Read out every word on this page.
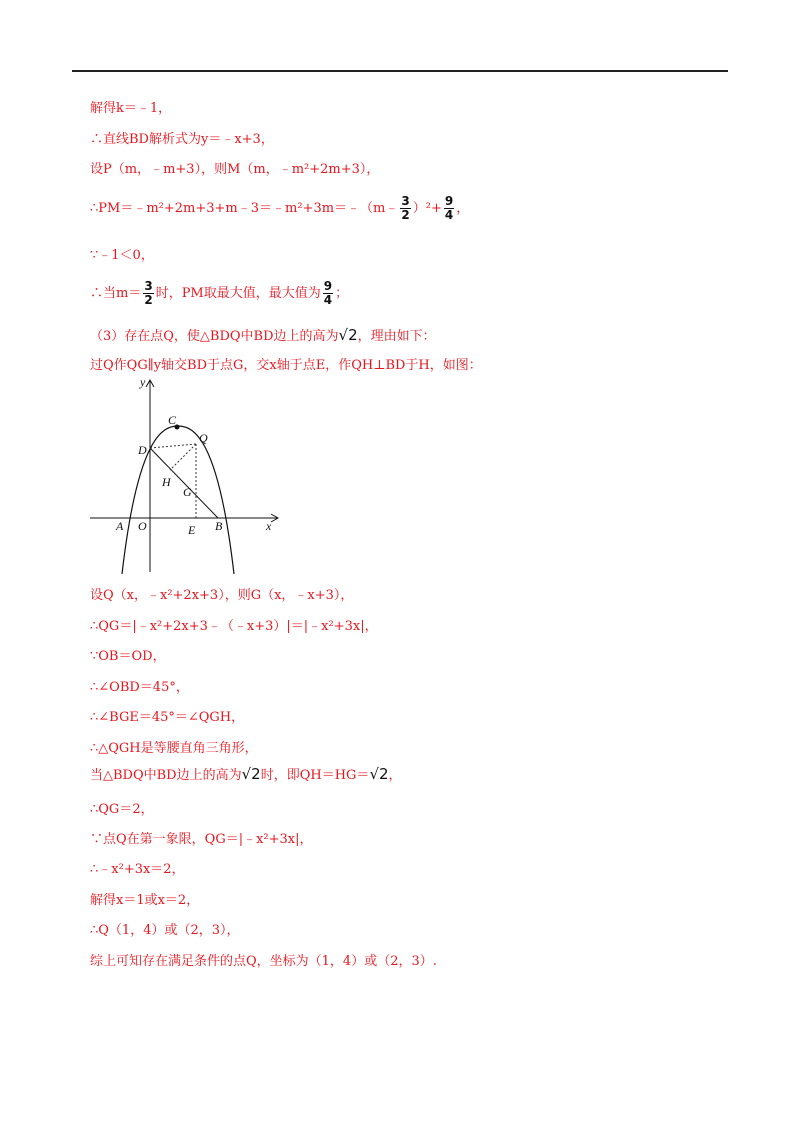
解得k＝﹣1，
∴直线BD解析式为y＝﹣x+3，
设P（m，﹣m+3），则M（m，﹣m²+2m+3），
∴PM＝﹣m²+2m+3+m﹣3＝﹣m²+3m＝﹣（m﹣ $\frac{3}{2} )^2+ \frac{9}{4}$ ，
∵﹣1＜0，
∴当$m= \frac{3}{2}$ 时，PM取最大值，最大值为 $\frac{9}{4}$ ；
（3）存在点Q，使△BDQ中BD边上的高为√2，理由如下：
过Q作QG∥y轴交BD于点G，交x轴于点E，作QH⊥BD于H，如图：
y
x
C
Q
D
H
G
A O	E B
设Q（x，﹣x²+2x+3），则G（x，﹣x+3），
∴QG＝|﹣x²+2x+3﹣（﹣x+3）|＝|﹣x²+3x|，
∵OB＝OD，
∴∠OBD＝45°，
∴∠BGE＝45°＝∠QGH，
∴△QGH是等腰直角三角形，
当△BDQ中BD边上的高为√2时，即QH＝HG＝√2，
∴QG＝2，
∵点Q在第一象限，QG＝|﹣x²+3x|，
∴﹣x²+3x＝2，
解得x＝1或x＝2，
∴Q（1，4）或（2，3），
综上可知存在满足条件的点Q，坐标为（1，4）或（2，3）.
